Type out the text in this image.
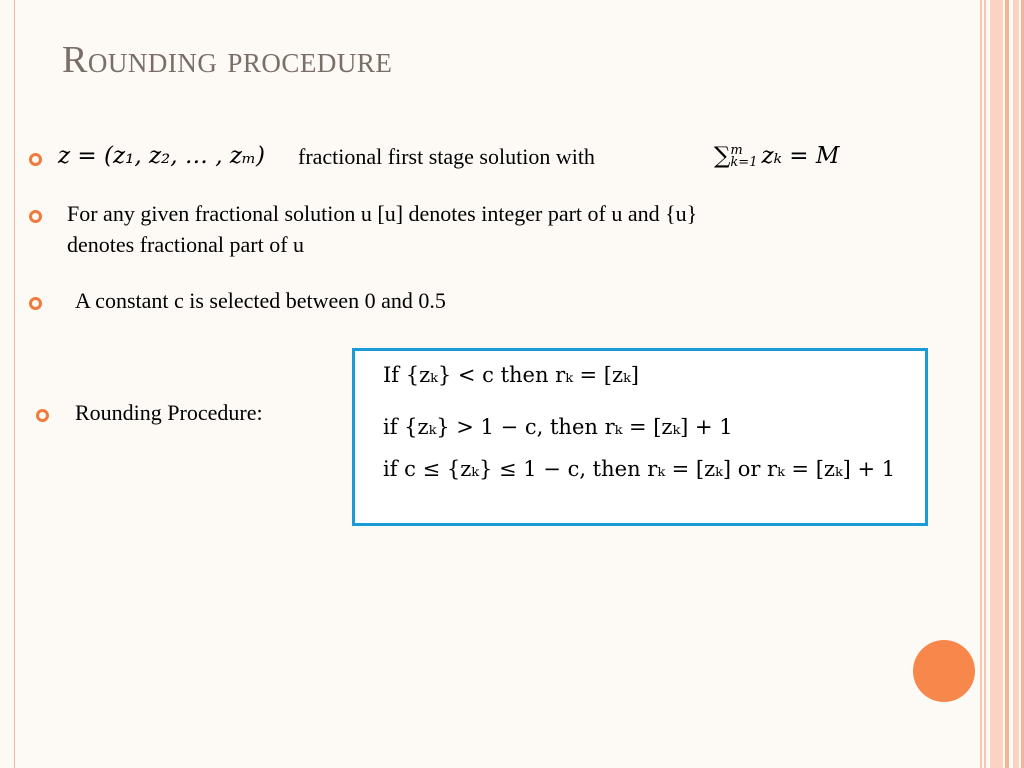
Rounding procedure
z = (z₁, z₂, … , zₘ) fractional first stage solution with	∑ m
k=1 zₖ = M
For any given fractional solution u [u] denotes integer part of u and {u}
denotes fractional part of u
A constant c is selected between 0 and 0.5
Rounding Procedure:
If {zₖ} < c then rₖ = [zₖ]
if {zₖ} > 1 − c, then rₖ = [zₖ] + 1
if c ≤ {zₖ} ≤ 1 − c, then rₖ = [zₖ] or rₖ = [zₖ] + 1
